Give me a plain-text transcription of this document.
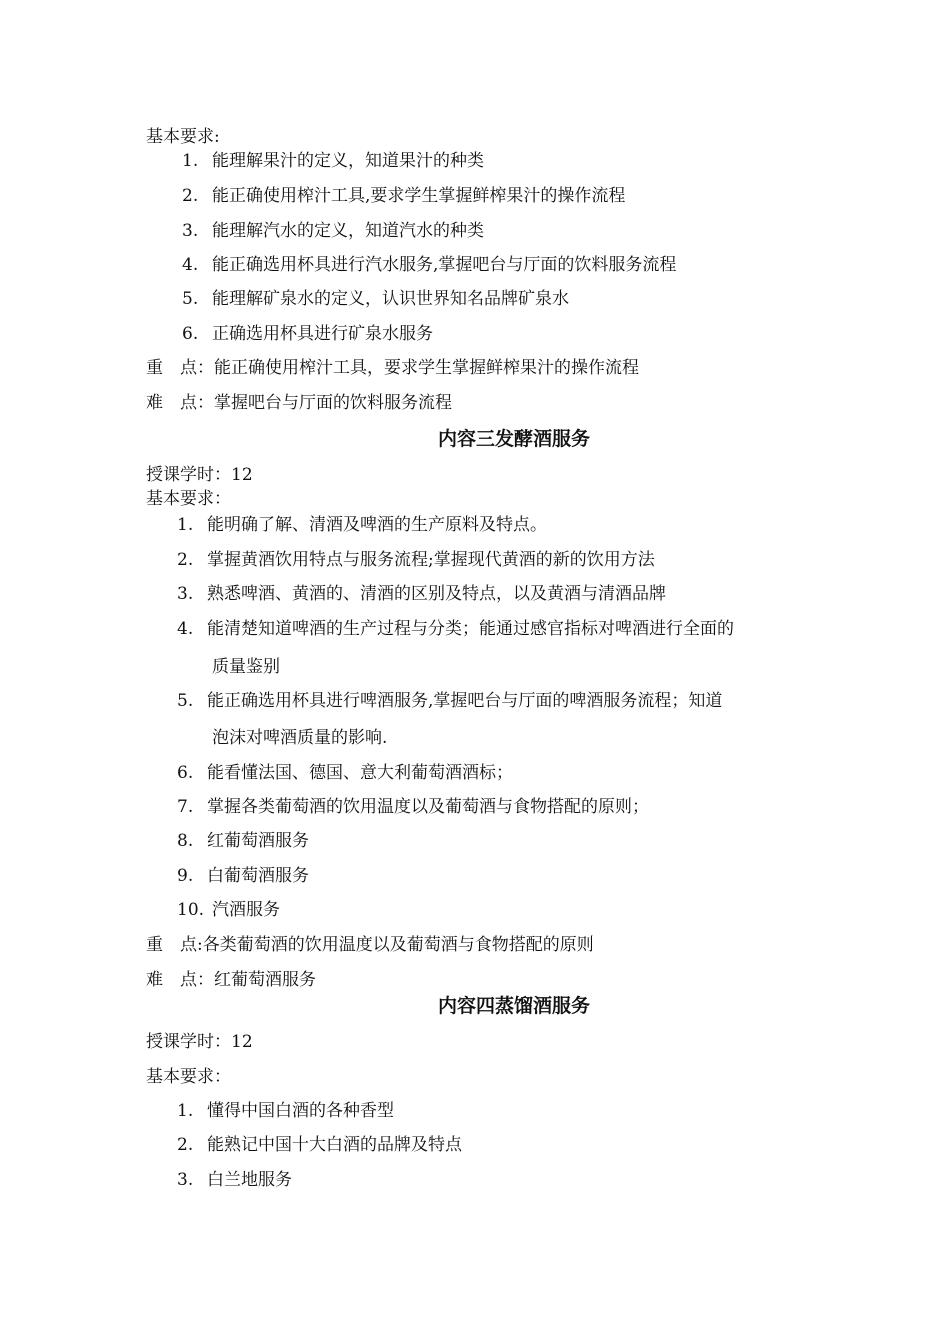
基本要求:
1. 能理解果汁的定义，知道果汁的种类
2. 能正确使用榨汁工具,要求学生掌握鲜榨果汁的操作流程
3. 能理解汽水的定义，知道汽水的种类
4. 能正确选用杯具进行汽水服务,掌握吧台与厅面的饮料服务流程
5. 能理解矿泉水的定义，认识世界知名品牌矿泉水
6. 正确选用杯具进行矿泉水服务
重　点：能正确使用榨汁工具，要求学生掌握鲜榨果汁的操作流程
难　点：掌握吧台与厅面的饮料服务流程
内容三发酵酒服务
授课学时：12
基本要求：
1. 能明确了解、清酒及啤酒的生产原料及特点。
2. 掌握黄酒饮用特点与服务流程;掌握现代黄酒的新的饮用方法
3. 熟悉啤酒、黄酒的、清酒的区别及特点，以及黄酒与清酒品牌
4. 能清楚知道啤酒的生产过程与分类；能通过感官指标对啤酒进行全面的
质量鉴别
5. 能正确选用杯具进行啤酒服务,掌握吧台与厅面的啤酒服务流程；知道
泡沫对啤酒质量的影响.
6. 能看懂法国、德国、意大利葡萄酒酒标；
7. 掌握各类葡萄酒的饮用温度以及葡萄酒与食物搭配的原则；
8. 红葡萄酒服务
9. 白葡萄酒服务
10. 汽酒服务
重　点:各类葡萄酒的饮用温度以及葡萄酒与食物搭配的原则
难　点：红葡萄酒服务
内容四蒸馏酒服务
授课学时：12
基本要求：
1. 懂得中国白酒的各种香型
2. 能熟记中国十大白酒的品牌及特点
3. 白兰地服务
